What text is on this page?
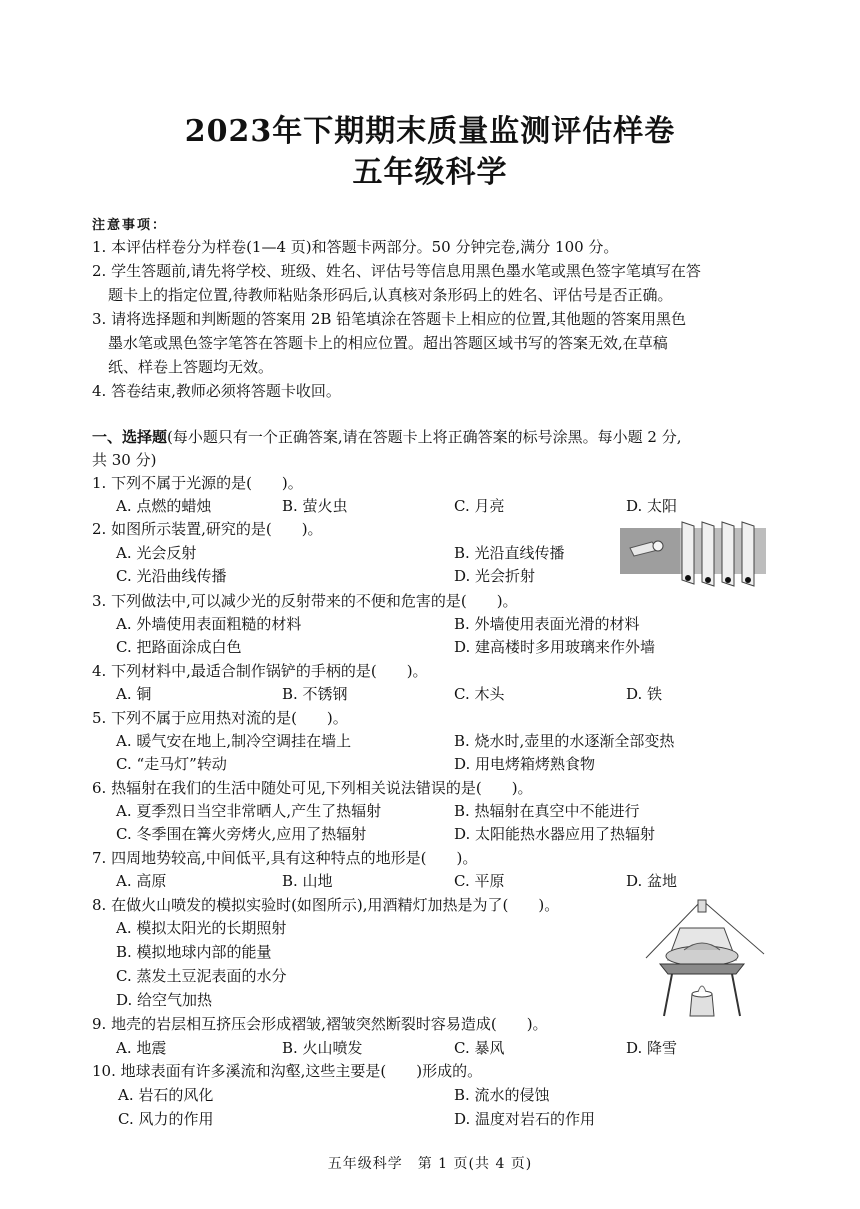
2023年下期期末质量监测评估样卷
五年级科学
注意事项：
1. 本评估样卷分为样卷(1—4 页)和答题卡两部分。50 分钟完卷,满分 100 分。
2. 学生答题前,请先将学校、班级、姓名、评估号等信息用黑色墨水笔或黑色签字笔填写在答
题卡上的指定位置,待教师粘贴条形码后,认真核对条形码上的姓名、评估号是否正确。
3. 请将选择题和判断题的答案用 2B 铅笔填涂在答题卡上相应的位置,其他题的答案用黑色
墨水笔或黑色签字笔答在答题卡上的相应位置。超出答题区域书写的答案无效,在草稿
纸、样卷上答题均无效。
4. 答卷结束,教师必须将答题卡收回。
一、选择题(每小题只有一个正确答案,请在答题卡上将正确答案的标号涂黑。每小题 2 分,
共 30 分)
1. 下列不属于光源的是(　　)。
A. 点燃的蜡烛	B. 萤火虫	C. 月亮	D. 太阳
2. 如图所示装置,研究的是(　　)。
A. 光会反射	B. 光沿直线传播
C. 光沿曲线传播	D. 光会折射
3. 下列做法中,可以减少光的反射带来的不便和危害的是(　　)。
A. 外墙使用表面粗糙的材料	B. 外墙使用表面光滑的材料
C. 把路面涂成白色	D. 建高楼时多用玻璃来作外墙
4. 下列材料中,最适合制作锅铲的手柄的是(　　)。
A. 铜	B. 不锈钢	C. 木头	D. 铁
5. 下列不属于应用热对流的是(　　)。
A. 暖气安在地上,制冷空调挂在墙上	B. 烧水时,壶里的水逐渐全部变热
C. “走马灯”转动	D. 用电烤箱烤熟食物
6. 热辐射在我们的生活中随处可见,下列相关说法错误的是(　　)。
A. 夏季烈日当空非常晒人,产生了热辐射	B. 热辐射在真空中不能进行
C. 冬季围在篝火旁烤火,应用了热辐射	D. 太阳能热水器应用了热辐射
7. 四周地势较高,中间低平,具有这种特点的地形是(　　)。
A. 高原	B. 山地	C. 平原	D. 盆地
8. 在做火山喷发的模拟实验时(如图所示),用酒精灯加热是为了(　　)。
A. 模拟太阳光的长期照射
B. 模拟地球内部的能量
C. 蒸发土豆泥表面的水分
D. 给空气加热
9. 地壳的岩层相互挤压会形成褶皱,褶皱突然断裂时容易造成(　　)。
A. 地震	B. 火山喷发	C. 暴风	D. 降雪
10. 地球表面有许多溪流和沟壑,这些主要是(　　)形成的。
A. 岩石的风化	B. 流水的侵蚀
C. 风力的作用	D. 温度对岩石的作用
五年级科学　第 1 页(共 4 页)
